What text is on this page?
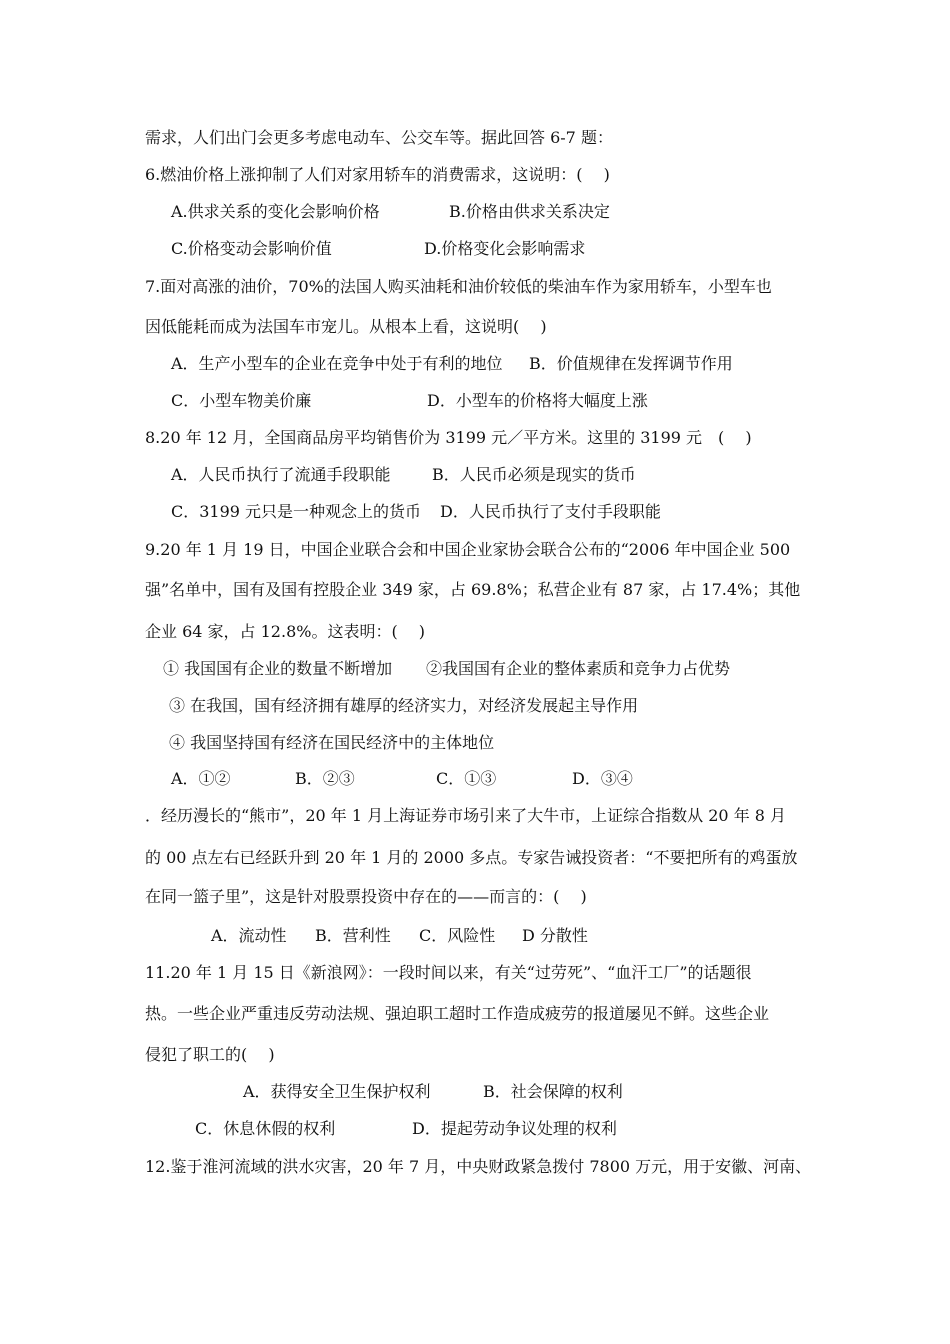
需求，人们出门会更多考虑电动车、公交车等。据此回答 6-7 题：
6.燃油价格上涨抑制了人们对家用轿车的消费需求，这说明：(　 )
A.供求关系的变化会影响价格	B.价格由供求关系决定
C.价格变动会影响价值	D.价格变化会影响需求
7.面对高涨的油价，70%的法国人购买油耗和油价较低的柴油车作为家用轿车，小型车也
因低能耗而成为法国车市宠儿。从根本上看，这说明(　 )
A．生产小型车的企业在竞争中处于有利的地位 B．价值规律在发挥调节作用
C．小型车物美价廉	D．小型车的价格将大幅度上涨
8.20 年 12 月，全国商品房平均销售价为 3199 元／平方米。这里的 3199 元　(　 )
A．人民币执行了流通手段职能	B．人民币必须是现实的货币
C．3199 元只是一种观念上的货币 D．人民币执行了支付手段职能
9.20 年 1 月 19 日，中国企业联合会和中国企业家协会联合公布的“2006 年中国企业 500
强”名单中，国有及国有控股企业 349 家，占 69.8%；私营企业有 87 家，占 17.4%；其他
企业 64 家，占 12.8%。这表明：(　 )
① 我国国有企业的数量不断增加 ②我国国有企业的整体素质和竞争力占优势
③ 在我国，国有经济拥有雄厚的经济实力，对经济发展起主导作用
④ 我国坚持国有经济在国民经济中的主体地位
A．①②	B．②③	C．①③	D．③④
．经历漫长的“熊市”，20 年 1 月上海证券市场引来了大牛市，上证综合指数从 20 年 8 月
的 00 点左右已经跃升到 20 年 1 月的 2000 多点。专家告诫投资者：“不要把所有的鸡蛋放
在同一篮子里”，这是针对股票投资中存在的——而言的：(　 )
A．流动性 B．营利性 C．风险性 D 分散性
11.20 年 1 月 15 日《新浪网》：一段时间以来，有关“过劳死”、“血汗工厂”的话题很
热。一些企业严重违反劳动法规、强迫职工超时工作造成疲劳的报道屡见不鲜。这些企业
侵犯了职工的(　 )
A．获得安全卫生保护权利	B．社会保障的权利
C．休息休假的权利	D．提起劳动争议处理的权利
12.鉴于淮河流域的洪水灾害，20 年 7 月，中央财政紧急拨付 7800 万元，用于安徽、河南、
